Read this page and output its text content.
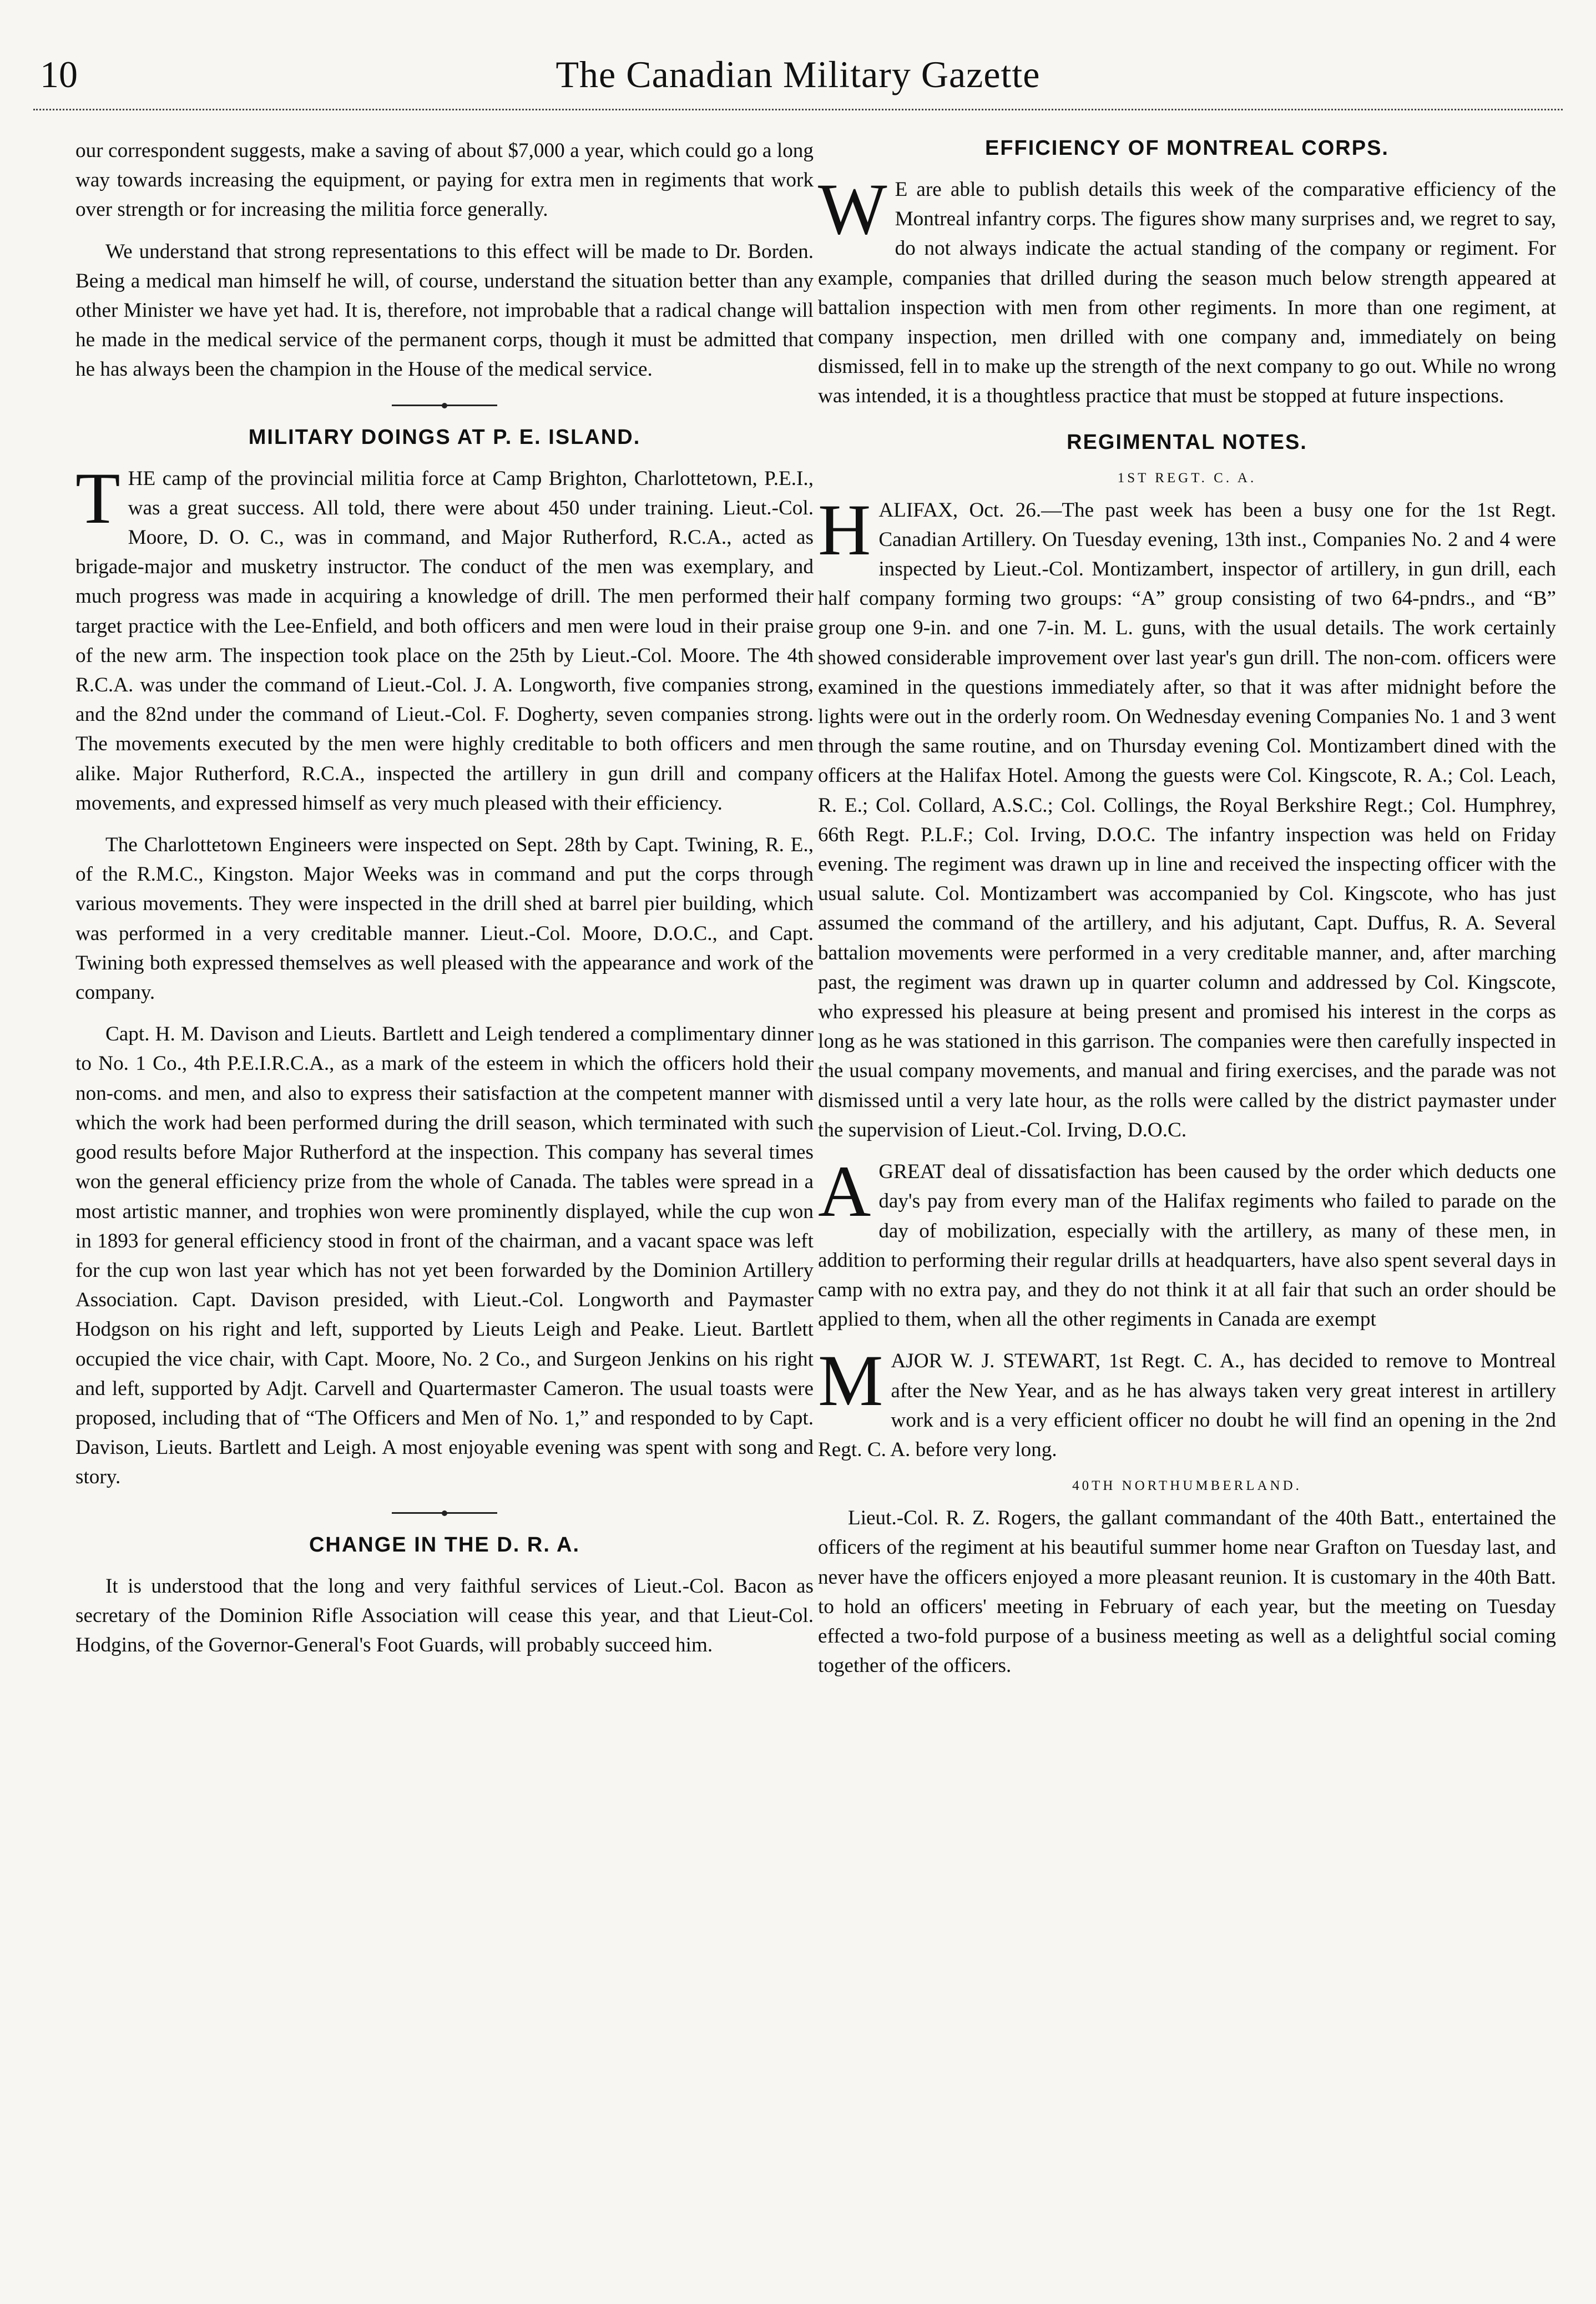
10	The Canadian Military Gazette

our correspondent suggests, make a saving of about $7,000 a year, which could go a long way towards increasing the equipment, or paying for extra men in regiments that work over strength or for increasing the militia force generally.

We understand that strong representations to this effect will be made to Dr. Borden. Being a medical man himself he will, of course, understand the situation better than any other Minister we have yet had. It is, therefore, not improbable that a radical change will he made in the medical service of the permanent corps, though it must be admitted that he has always been the champion in the House of the medical service.

MILITARY DOINGS AT P. E. ISLAND.

THE camp of the provincial militia force at Camp Brighton, Charlottetown, P.E.I., was a great success. All told, there were about 450 under training. Lieut.-Col. Moore, D. O. C., was in command, and Major Rutherford, R.C.A., acted as brigade-major and musketry instructor. The conduct of the men was exemplary, and much progress was made in acquiring a knowledge of drill. The men performed their target practice with the Lee-Enfield, and both officers and men were loud in their praise of the new arm. The inspection took place on the 25th by Lieut.-Col. Moore. The 4th R.C.A. was under the command of Lieut.-Col. J. A. Longworth, five companies strong, and the 82nd under the command of Lieut.-Col. F. Dogherty, seven companies strong. The movements executed by the men were highly creditable to both officers and men alike. Major Rutherford, R.C.A., inspected the artillery in gun drill and company movements, and expressed himself as very much pleased with their efficiency.

The Charlottetown Engineers were inspected on Sept. 28th by Capt. Twining, R. E., of the R.M.C., Kingston. Major Weeks was in command and put the corps through various movements. They were inspected in the drill shed at barrel pier building, which was performed in a very creditable manner. Lieut.-Col. Moore, D.O.C., and Capt. Twining both expressed themselves as well pleased with the appearance and work of the company.

Capt. H. M. Davison and Lieuts. Bartlett and Leigh tendered a complimentary dinner to No. 1 Co., 4th P.E.I.R.C.A., as a mark of the esteem in which the officers hold their non-coms. and men, and also to express their satisfaction at the competent manner with which the work had been performed during the drill season, which terminated with such good results before Major Rutherford at the inspection. This company has several times won the general efficiency prize from the whole of Canada. The tables were spread in a most artistic manner, and trophies won were prominently displayed, while the cup won in 1893 for general efficiency stood in front of the chairman, and a vacant space was left for the cup won last year which has not yet been forwarded by the Dominion Artillery Association. Capt. Davison presided, with Lieut.-Col. Longworth and Paymaster Hodgson on his right and left, supported by Lieuts Leigh and Peake. Lieut. Bartlett occupied the vice chair, with Capt. Moore, No. 2 Co., and Surgeon Jenkins on his right and left, supported by Adjt. Carvell and Quartermaster Cameron. The usual toasts were proposed, including that of “The Officers and Men of No. 1,” and responded to by Capt. Davison, Lieuts. Bartlett and Leigh. A most enjoyable evening was spent with song and story.

CHANGE IN THE D. R. A.

It is understood that the long and very faithful services of Lieut.-Col. Bacon as secretary of the Dominion Rifle Association will cease this year, and that Lieut-Col. Hodgins, of the Governor-General's Foot Guards, will probably succeed him.

EFFICIENCY OF MONTREAL CORPS.

WE are able to publish details this week of the comparative efficiency of the Montreal infantry corps. The figures show many surprises and, we regret to say, do not always indicate the actual standing of the company or regiment. For example, companies that drilled during the season much below strength appeared at battalion inspection with men from other regiments. In more than one regiment, at company inspection, men drilled with one company and, immediately on being dismissed, fell in to make up the strength of the next company to go out. While no wrong was intended, it is a thoughtless practice that must be stopped at future inspections.

REGIMENTAL NOTES.
1ST REGT. C. A.

HALIFAX, Oct. 26.—The past week has been a busy one for the 1st Regt. Canadian Artillery. On Tuesday evening, 13th inst., Companies No. 2 and 4 were inspected by Lieut.-Col. Montizambert, inspector of artillery, in gun drill, each half company forming two groups: “A” group consisting of two 64-pndrs., and “B” group one 9-in. and one 7-in. M. L. guns, with the usual details. The work certainly showed considerable improvement over last year's gun drill. The non-com. officers were examined in the questions immediately after, so that it was after midnight before the lights were out in the orderly room. On Wednesday evening Companies No. 1 and 3 went through the same routine, and on Thursday evening Col. Montizambert dined with the officers at the Halifax Hotel. Among the guests were Col. Kingscote, R. A.; Col. Leach, R. E.; Col. Collard, A.S.C.; Col. Collings, the Royal Berkshire Regt.; Col. Humphrey, 66th Regt. P.L.F.; Col. Irving, D.O.C. The infantry inspection was held on Friday evening. The regiment was drawn up in line and received the inspecting officer with the usual salute. Col. Montizambert was accompanied by Col. Kingscote, who has just assumed the command of the artillery, and his adjutant, Capt. Duffus, R. A. Several battalion movements were performed in a very creditable manner, and, after marching past, the regiment was drawn up in quarter column and addressed by Col. Kingscote, who expressed his pleasure at being present and promised his interest in the corps as long as he was stationed in this garrison. The companies were then carefully inspected in the usual company movements, and manual and firing exercises, and the parade was not dismissed until a very late hour, as the rolls were called by the district paymaster under the supervision of Lieut.-Col. Irving, D.O.C.

AGREAT deal of dissatisfaction has been caused by the order which deducts one day's pay from every man of the Halifax regiments who failed to parade on the day of mobilization, especially with the artillery, as many of these men, in addition to performing their regular drills at headquarters, have also spent several days in camp with no extra pay, and they do not think it at all fair that such an order should be applied to them, when all the other regiments in Canada are exempt

MAJOR W. J. STEWART, 1st Regt. C. A., has decided to remove to Montreal after the New Year, and as he has always taken very great interest in artillery work and is a very efficient officer no doubt he will find an opening in the 2nd Regt. C. A. before very long.

40TH NORTHUMBERLAND.

Lieut.-Col. R. Z. Rogers, the gallant commandant of the 40th Batt., entertained the officers of the regiment at his beautiful summer home near Grafton on Tuesday last, and never have the officers enjoyed a more pleasant reunion. It is customary in the 40th Batt. to hold an officers' meeting in February of each year, but the meeting on Tuesday effected a two-fold purpose of a business meeting as well as a delightful social coming together of the officers.
